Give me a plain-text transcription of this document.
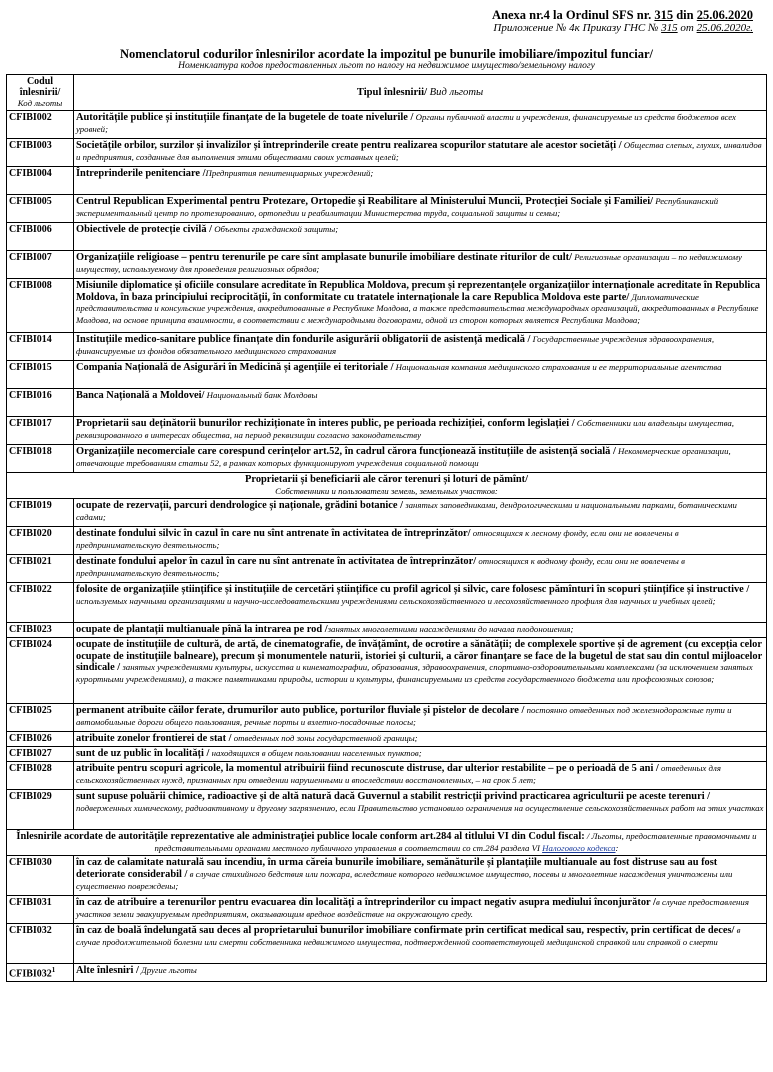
Anexa nr.4 la Ordinul SFS nr. 315 din 25.06.2020
Приложение № 4к Приказу ГНС № 315 от 25.06.2020г.
Nomenclatorul codurilor înlesnirilor acordate la impozitul pe bunurile imobiliare/impozitul funciar/
Номенклатура кодов предоставленных льгот по налогу на недвижимое имущество/земельному налогу
Codul înlesnirii/
Код льготы	Tipul înlesnirii/ Вид льготы
CFIBI002	Autoritățile publice și instituțiile finanțate de la bugetele de toate nivelurile / Органы публичной власти и учреждения, финансируемые из средств бюджетов всех уровней;
CFIBI003	Societățile orbilor, surzilor și invalizilor și întreprinderile create pentru realizarea scopurilor statutare ale acestor societăți / Общества слепых, глухих, инвалидов и предприятия, созданные для выполнения этими обществами своих уставных целей;
CFIBI004	Întreprinderile penitenciare /Предприятия пенитенциарных учреждений;
CFIBI005	Centrul Republican Experimental pentru Protezare, Ortopedie și Reabilitare al Ministerului Muncii, Protecției Sociale și Familiei/ Республиканский экспериментальный центр по протезированию, ортопедии и реабилитации Министерства труда, социальной защиты и семьи;
CFIBI006	Obiectivele de protecție civilă / Объекты гражданской защиты;
CFIBI007	Organizațiile religioase – pentru terenurile pe care sînt amplasate bunurile imobiliare destinate riturilor de cult/ Религиозные организации – по недвижимому имуществу, используемому для проведения религиозных обрядов;
CFIBI008	Misiunile diplomatice și oficiile consulare acreditate în Republica Moldova, precum și reprezentanțele organizațiilor internaționale acreditate în Republica Moldova, în baza principiului reciprocității, în conformitate cu tratatele internaționale la care Republica Moldova este parte/ Дипломатические представительства и консульские учреждения, аккредитованные в Республике Молдова, а также представительства международных организаций, аккредитованных в Республике Молдова, на основе принципа взаимности, в соответствии с международными договорами, одной из сторон которых является Республика Молдова;
CFIBI014	Instituțiile medico-sanitare publice finanțate din fondurile asigurării obligatorii de asistență medicală / Государственные учреждения здравоохранения, финансируемые из фондов обязательного медицинского страхования
CFIBI015	Compania Națională de Asigurări în Medicină și agențiile ei teritoriale / Национальная компания медицинского страхования и ее территориальные агентства
CFIBI016	Banca Națională a Moldovei/ Национальный банк Молдовы
CFIBI017	Proprietarii sau deținătorii bunurilor rechiziționate în interes public, pe perioada rechiziției, conform legislației / Собственники или владельцы имущества, реквизированного в интересах общества, на период реквизиции согласно законодательству
CFIBI018	Organizațiile necomerciale care corespund cerințelor art.52, în cadrul cărora funcționează instituțiile de asistență socială / Некоммерческие организации, отвечающие требованиям статьи 52, в рамках которых функционируют учреждения социальной помощи
Proprietarii și beneficiarii ale căror terenuri și loturi de pămînt/
Собственники и пользователи земель, земельных участков:	
CFIBI019	ocupate de rezervații, parcuri dendrologice și naționale, grădini botanice / занятых заповедниками, дендрологическими и национальными парками, ботаническими садами;
CFIBI020	destinate fondului silvic în cazul în care nu sînt antrenate în activitatea de întreprinzător/ относящихся к лесному фонду, если они не вовлечены в предпринимательскую деятельность;
CFIBI021	destinate fondului apelor în cazul în care nu sînt antrenate în activitatea de întreprinzător/ относящихся к водному фонду, если они не вовлечены в предпринимательскую деятельность;
CFIBI022	folosite de organizațiile științifice și instituțiile de cercetări științifice cu profil agricol și silvic, care folosesc pămînturi în scopuri științifice și instructive / используемых научными организациями и научно-исследовательскими учреждениями сельскохозяйственного и лесохозяйственного профиля для научных и учебных целей;
CFIBI023	ocupate de plantații multianuale pînă la intrarea pe rod /занятых многолетними насаждениями до начала плодоношения;
CFIBI024	ocupate de instituțiile de cultură, de artă, de cinematografie, de învățămînt, de ocrotire a sănătății; de complexele sportive și de agrement (cu excepția celor ocupate de instituțiile balneare), precum și monumentele naturii, istoriei și culturii, a căror finanțare se face de la bugetul de stat sau din contul mijloacelor sindicale / занятых учреждениями культуры, искусства и кинематографии, образования, здравоохранения, спортивно-оздоровительными комплексами (за исключением занятых курортными учреждениями), а также памятниками природы, истории и культуры, финансируемыми из средств государственного бюджета или профсоюзных союзов;
CFIBI025	permanent atribuite căilor ferate, drumurilor auto publice, porturilor fluviale și pistelor de decolare / постоянно отведенных под железнодорожные пути и автомобильные дороги общего пользования, речные порты и взлетно-посадочные полосы;
CFIBI026	atribuite zonelor frontierei de stat / отведенных под зоны государственной границы;
CFIBI027	sunt de uz public în localități / находящихся в общем пользовании населенных пунктов;
CFIBI028	atribuite pentru scopuri agricole, la momentul atribuirii fiind recunoscute distruse, dar ulterior restabilite – pe o perioadă de 5 ani / отведенных для сельскохозяйственных нужд, признанных при отведении нарушенными и впоследствии восстановленных, – на срок 5 лет;
CFIBI029	sunt supuse poluării chimice, radioactive și de altă natură dacă Guvernul a stabilit restricții privind practicarea agriculturii pe aceste terenuri / подверженных химическому, радиоактивному и другому загрязнению, если Правительство установило ограничения на осуществление сельскохозяйственных работ на этих участках
Înlesnirile acordate de autoritățile reprezentative ale administrației publice locale conform art.284 al titlului VI din Codul fiscal: / Льготы, предоставленные правомочными и представительными органами местного публичного управления в соответствии со ст.284 раздела VI Налогового кодекса:	
CFIBI030	în caz de calamitate naturală sau incendiu, în urma căreia bunurile imobiliare, semănăturile și plantațiile multianuale au fost distruse sau au fost deteriorate considerabil / в случае стихийного бедствия или пожара, вследствие которого недвижимое имущество, посевы и многолетние насаждения уничтожены или существенно повреждены;
CFIBI031	în caz de atribuire a terenurilor pentru evacuarea din localități a întreprinderilor cu impact negativ asupra mediului înconjurător /в случае предоставления участков земли эвакуируемым предприятиям, оказывающим вредное воздействие на окружающую среду.
CFIBI032	în caz de boală îndelungată sau deces al proprietarului bunurilor imobiliare confirmate prin certificat medical sau, respectiv, prin certificat de deces/ в случае продолжительной болезни или смерти собственника недвижимого имущества, подтвержденной соответствующей медицинской справкой или справкой о смерти
$CFIBI032^1$	Alte înlesniri / Другие льготы
